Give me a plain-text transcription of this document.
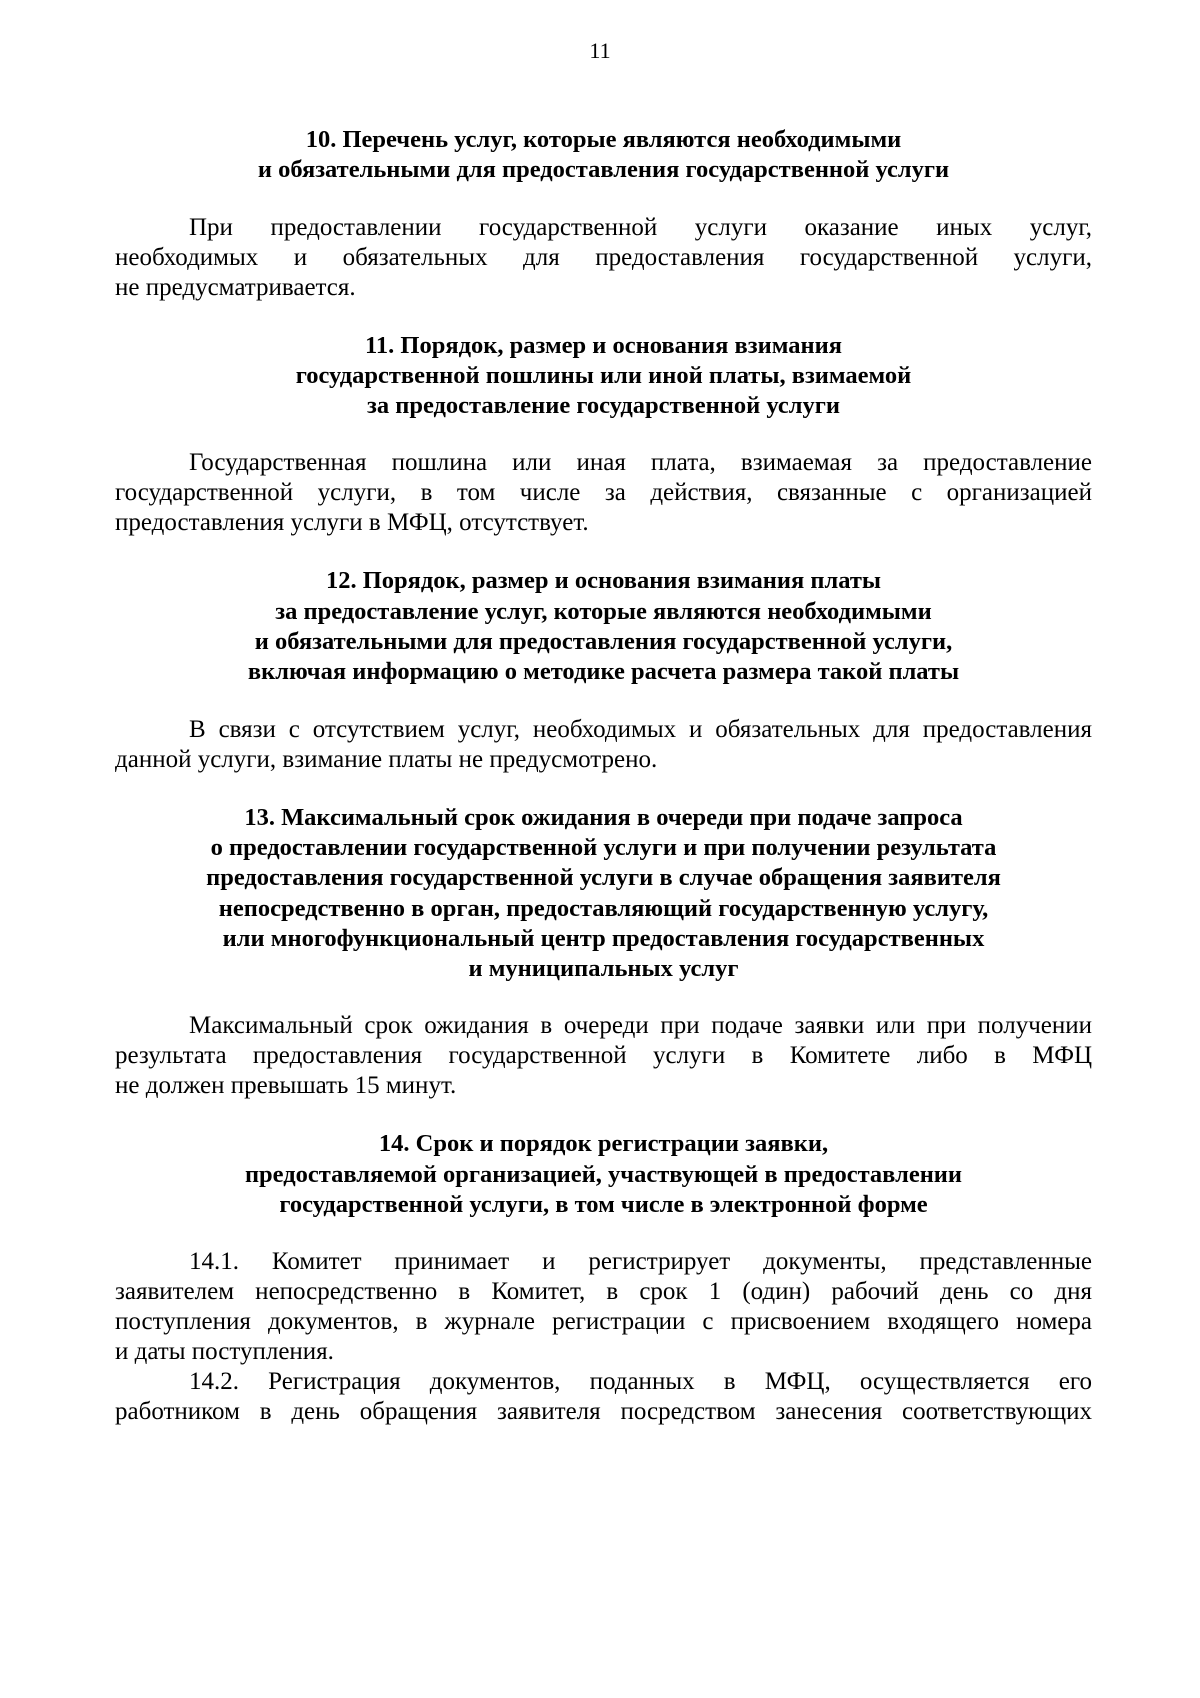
11
10. Перечень услуг, которые являются необходимыми
и обязательными для предоставления государственной услуги

При предоставлении государственной услуги оказание иных услуг,
необходимых и обязательных для предоставления государственной услуги,
не предусматривается.

11. Порядок, размер и основания взимания
государственной пошлины или иной платы, взимаемой
за предоставление государственной услуги

Государственная пошлина или иная плата, взимаемая за предоставление
государственной услуги, в том числе за действия, связанные с организацией
предоставления услуги в МФЦ, отсутствует.

12. Порядок, размер и основания взимания платы
за предоставление услуг, которые являются необходимыми
и обязательными для предоставления государственной услуги,
включая информацию о методике расчета размера такой платы

В связи с отсутствием услуг, необходимых и обязательных для предоставления
данной услуги, взимание платы не предусмотрено.

13. Максимальный срок ожидания в очереди при подаче запроса
о предоставлении государственной услуги и при получении результата
предоставления государственной услуги в случае обращения заявителя
непосредственно в орган, предоставляющий государственную услугу,
или многофункциональный центр предоставления государственных
и муниципальных услуг

Максимальный срок ожидания в очереди при подаче заявки или при получении
результата предоставления государственной услуги в Комитете либо в МФЦ
не должен превышать 15 минут.

14. Срок и порядок регистрации заявки,
предоставляемой организацией, участвующей в предоставлении
государственной услуги, в том числе в электронной форме

14.1. Комитет принимает и регистрирует документы, представленные
заявителем непосредственно в Комитет, в срок 1 (один) рабочий день со дня
поступления документов, в журнале регистрации с присвоением входящего номера
и даты поступления.

14.2. Регистрация документов, поданных в МФЦ, осуществляется его
работником в день обращения заявителя посредством занесения соответствующих
